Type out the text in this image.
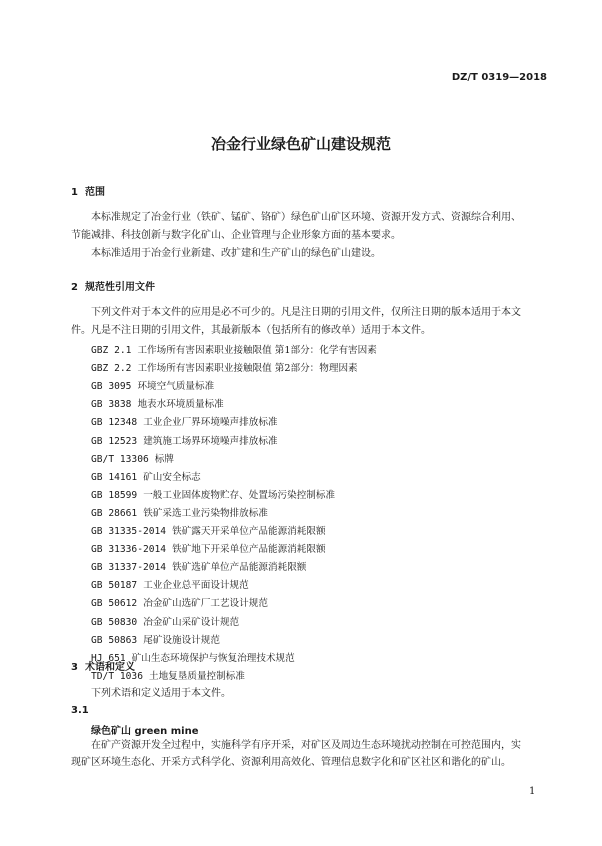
DZ/T 0319—2018
冶金行业绿色矿山建设规范
1 范围
本标准规定了冶金行业（铁矿、锰矿、铬矿）绿色矿山矿区环境、资源开发方式、资源综合利用、
节能减排、科技创新与数字化矿山、企业管理与企业形象方面的基本要求。
本标准适用于冶金行业新建、改扩建和生产矿山的绿色矿山建设。
2 规范性引用文件
下列文件对于本文件的应用是必不可少的。凡是注日期的引用文件，仅所注日期的版本适用于本文
件。凡是不注日期的引用文件，其最新版本（包括所有的修改单）适用于本文件。
GBZ 2.1 工作场所有害因素职业接触限值 第1部分：化学有害因素
GBZ 2.2 工作场所有害因素职业接触限值 第2部分：物理因素
GB 3095 环境空气质量标准
GB 3838 地表水环境质量标准
GB 12348 工业企业厂界环境噪声排放标准
GB 12523 建筑施工场界环境噪声排放标准
GB/T 13306 标牌
GB 14161 矿山安全标志
GB 18599 一般工业固体废物贮存、处置场污染控制标准
GB 28661 铁矿采选工业污染物排放标准
GB 31335-2014 铁矿露天开采单位产品能源消耗限额
GB 31336-2014 铁矿地下开采单位产品能源消耗限额
GB 31337-2014 铁矿选矿单位产品能源消耗限额
GB 50187 工业企业总平面设计规范
GB 50612 冶金矿山选矿厂工艺设计规范
GB 50830 冶金矿山采矿设计规范
GB 50863 尾矿设施设计规范
HJ 651 矿山生态环境保护与恢复治理技术规范
TD/T 1036 土地复垦质量控制标准
3 术语和定义
下列术语和定义适用于本文件。
3.1
绿色矿山 green mine
在矿产资源开发全过程中，实施科学有序开采，对矿区及周边生态环境扰动控制在可控范围内，实
现矿区环境生态化、开采方式科学化、资源利用高效化、管理信息数字化和矿区社区和谐化的矿山。
1
